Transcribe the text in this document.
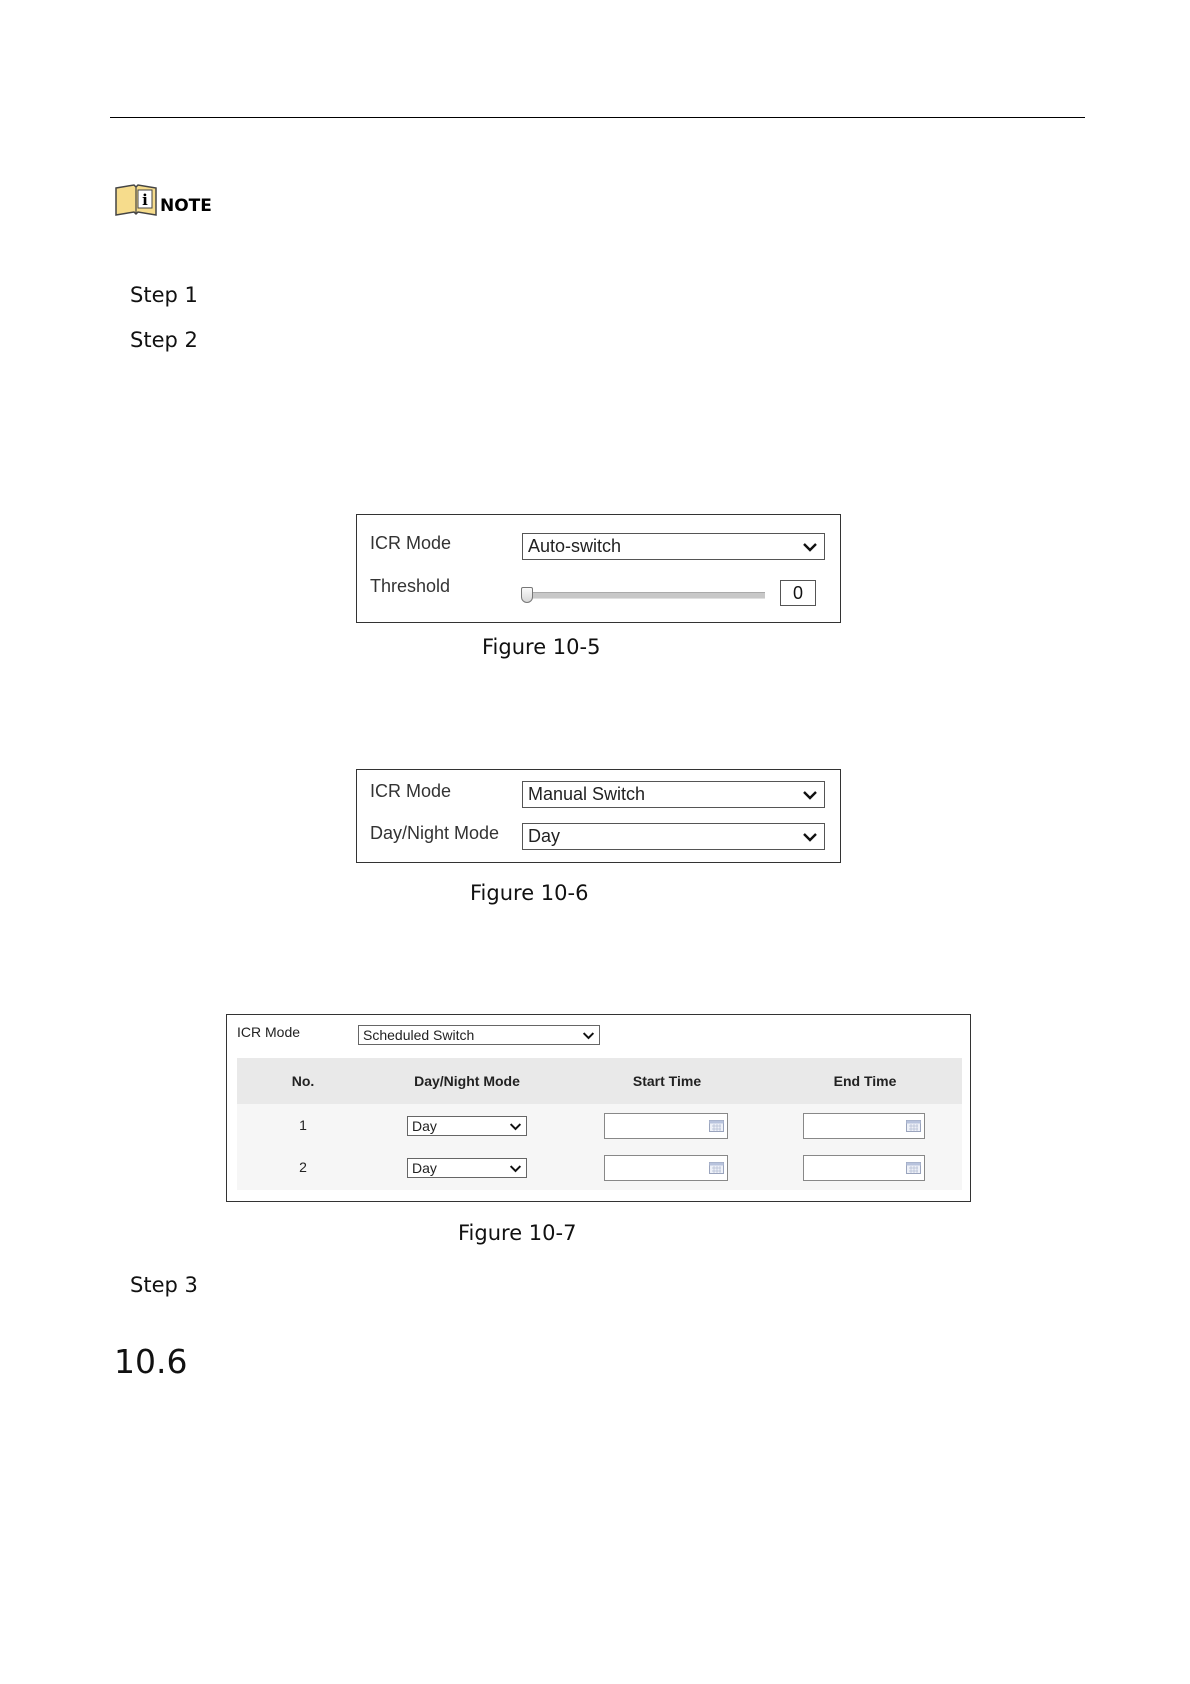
i NOTE
Step 1
Step 2
ICR Mode	Auto-switch
Threshold	0
Figure 10-5
ICR Mode	Manual Switch
Day/Night Mode Day
Figure 10-6
ICR Mode	Scheduled Switch
No.	Day/Night Mode	Start Time	End Time
1	Day
2	Day
Figure 10-7
Step 3
10.6
